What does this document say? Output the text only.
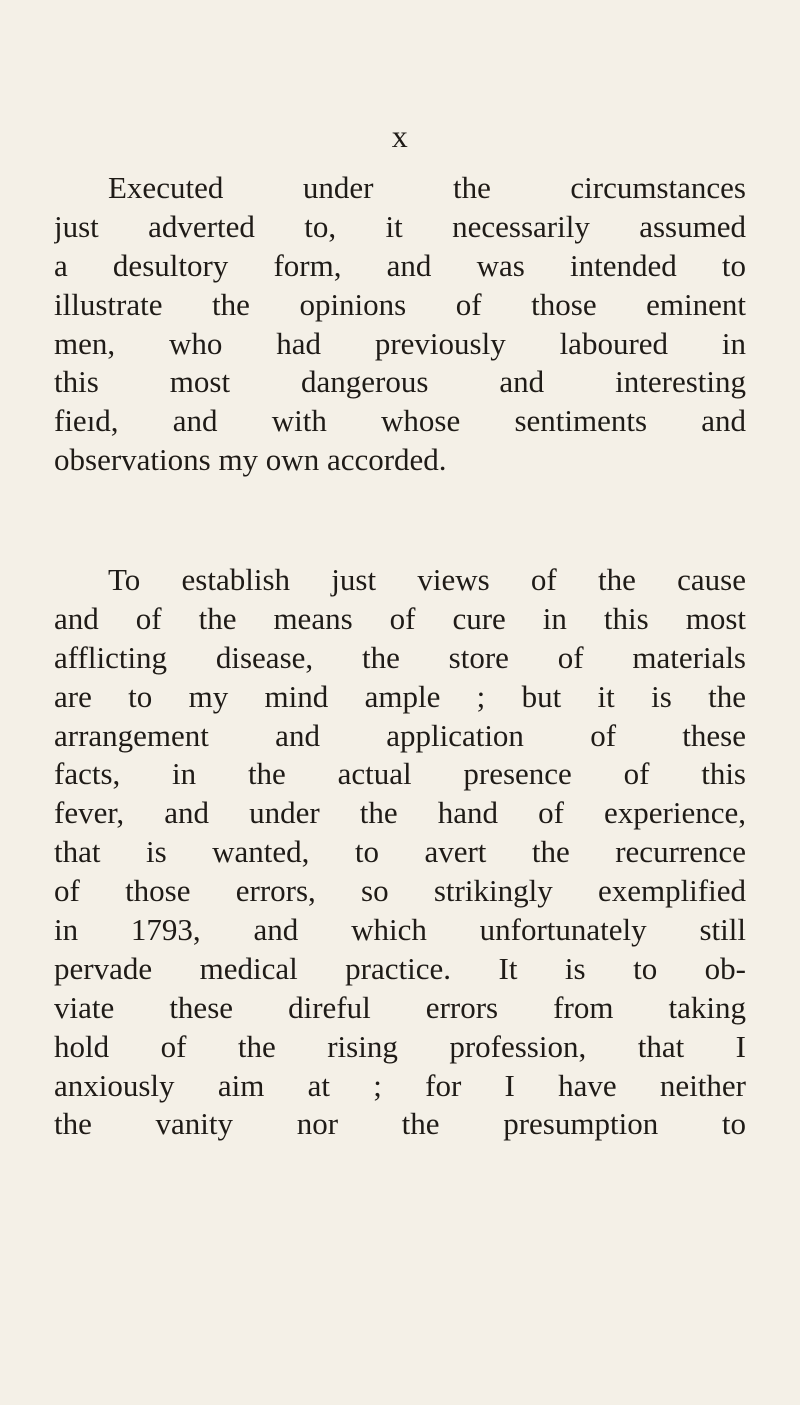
x
Executed under the circumstances
just adverted to, it necessarily assumed
a desultory form, and was intended to
illustrate the opinions of those eminent
men, who had previously laboured in
this most dangerous and interesting
fieıd, and with whose sentiments and
observations my own accorded.
To establish just views of the cause
and of the means of cure in this most
afflicting disease, the store of materials
are to my mind ample ; but it is the
arrangement and application of these
facts, in the actual presence of this
fever, and under the hand of experience,
that is wanted, to avert the recurrence
of those errors, so strikingly exemplified
in 1793, and which unfortunately still
pervade medical practice. It is to ob-
viate these direful errors from taking
hold of the rising profession, that I
anxiously aim at ; for I have neither
the vanity nor the presumption to
